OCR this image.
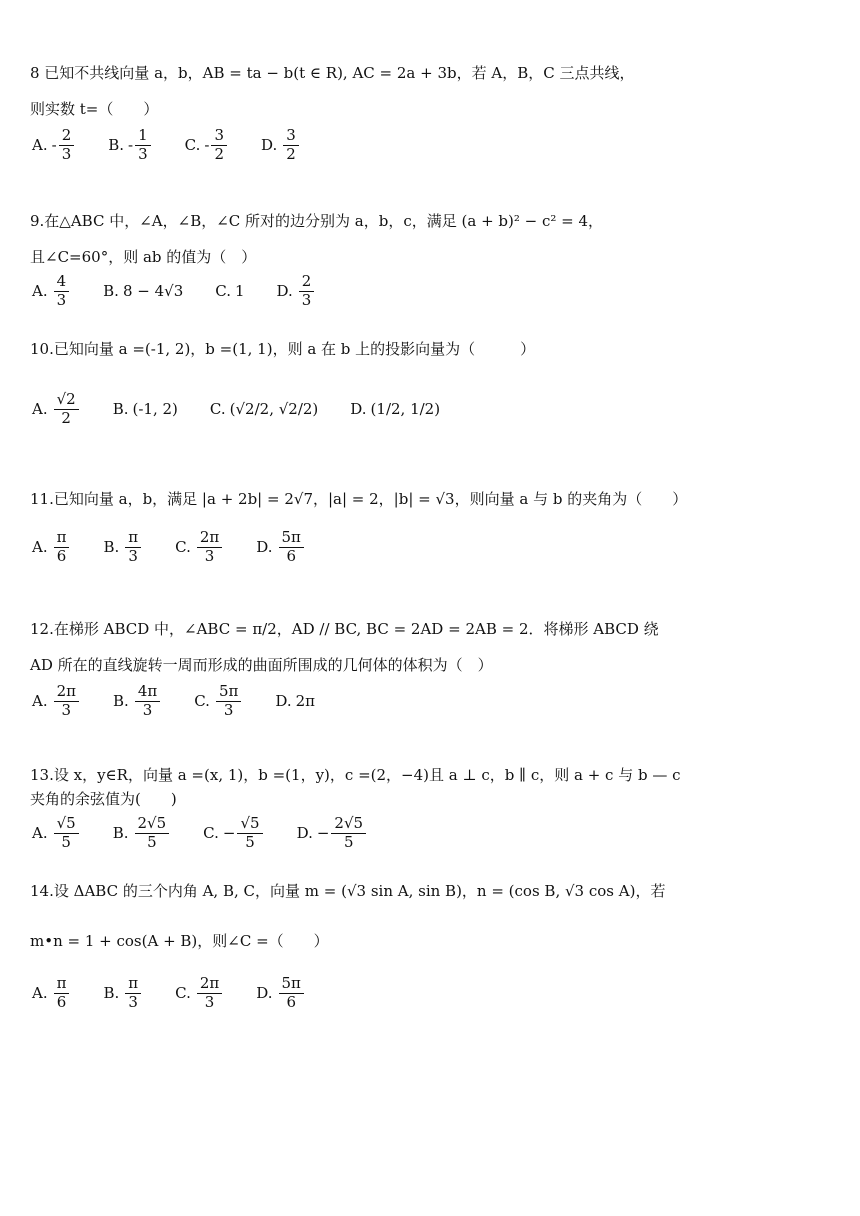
8 已知不共线向量 a，b，AB = ta − b(t ∈ R), AC = 2a + 3b，若 A，B，C 三点共线，
则实数 t=（　　）
A. - $\frac{2}{3} B$. - $\frac{1}{3} C$. - $\frac{3}{2} D$. $\frac{3}{2}$
9.在△ABC 中，∠A，∠B，∠C 所对的边分别为 a，b，c，满足 (a + b)² − c² = 4，
且∠C=60°，则 ab 的值为（　）
A. $\frac{4}{3} B$. 8 − 4√3 C. 1 D. $\frac{2}{3}$
10.已知向量 a =(-1, 2)，b =(1, 1)，则 a 在 b 上的投影向量为（　　　）
A. $\frac{√2}{2} B$. (-1, 2) C. (√2/2, √2/2) D. (1/2, 1/2)
11.已知向量 a，b，满足 |a + 2b| = 2√7，|a| = 2，|b| = √3，则向量 a 与 b 的夹角为（　　）
A. $\frac{\pi}{6} B$. $\frac{\pi}{3} C$. $\frac{2\pi}{3} D$. $\frac{5\pi}{6}$
12.在梯形 ABCD 中，∠ABC = π/2，AD // BC, BC = 2AD = 2AB = 2．将梯形 ABCD 绕
AD 所在的直线旋转一周而形成的曲面所围成的几何体的体积为（　）
A. $\frac{2\pi}{3} B$. $\frac{4\pi}{3} C$. $\frac{5\pi}{3} D$. 2π
13.设 x，y∈R，向量 a =(x, 1)，b =(1，y)，c =(2，−4)且 a ⊥ c，b ∥ c，则 a + c 与 b — c
夹角的余弦值为(　　)
A. $\frac{√5}{5} B$. $\frac{2√5}{5} C$. − $\frac{√5}{5} D$. − $\frac{2√5}{5}$
14.设 ΔABC 的三个内角 A, B, C，向量 m = (√3 sin A, sin B)，n = (cos B, √3 cos A)，若
m•n = 1 + cos(A + B)，则∠C =（　　）
A. $\frac{\pi}{6} B$. $\frac{\pi}{3} C$. $\frac{2\pi}{3} D$. $\frac{5\pi}{6}$
